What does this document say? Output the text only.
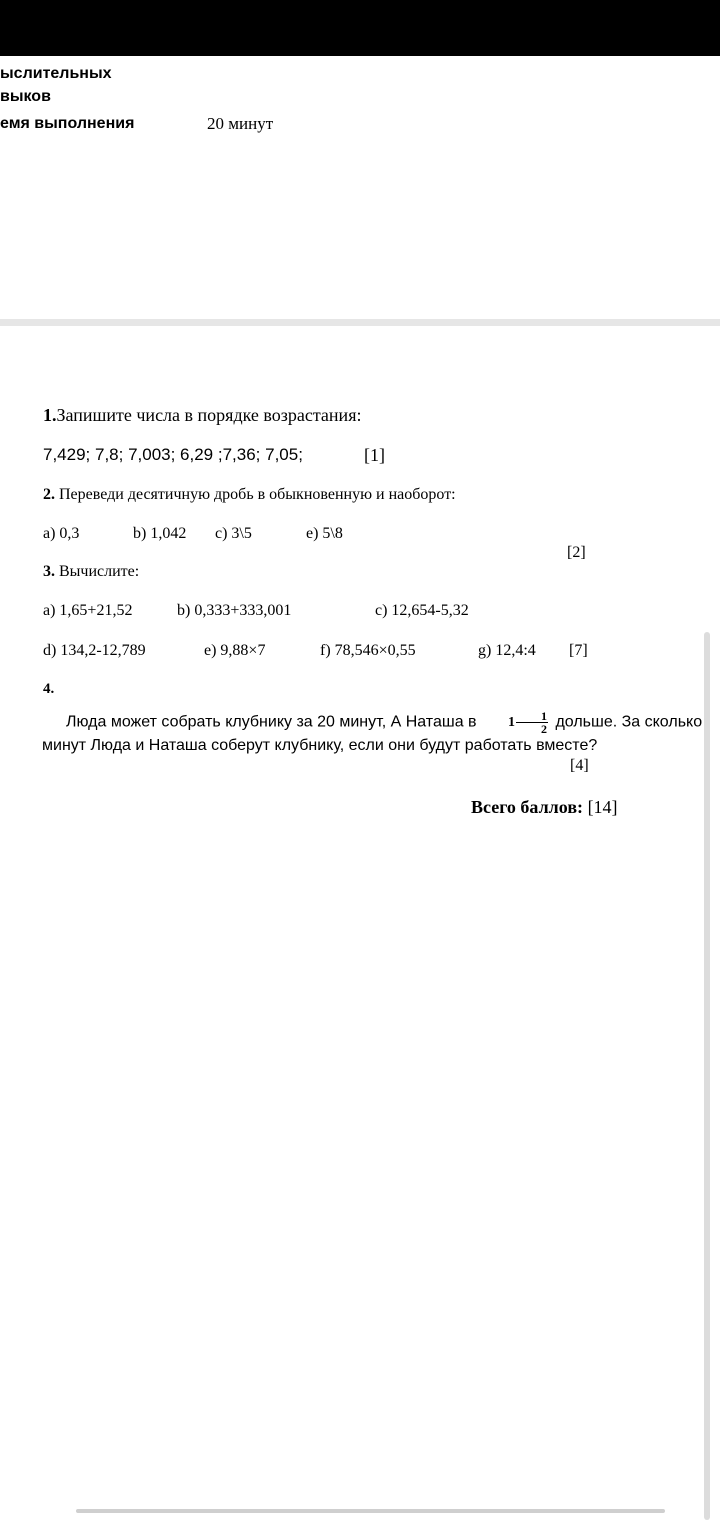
ыслительных
выков
емя выполнения	20 минут
1.Запишите числа в порядке возрастания:
7,429; 7,8; 7,003; 6,29 ;7,36; 7,05;	[1]
2. Переведи десятичную дробь в обыкновенную и наоборот:
a) 0,3	b) 1,042 c) 3\5	e) 5\8
[2]
3. Вычислите:
a) 1,65+21,52	b) 0,333+333,001	c) 12,654-5,32
d) 134,2-12,789	e) 9,88×7	f) 78,546×0,55	g) 12,4:4 [7]
4.
Люда может собрать клубнику за 20 минут, А Наташа в	$1 \frac{1}{2}$ дольше. За сколько минут Люда и Наташа соберут клубнику, если они будут работать вместе?
[4]
Всего баллов: [14]
